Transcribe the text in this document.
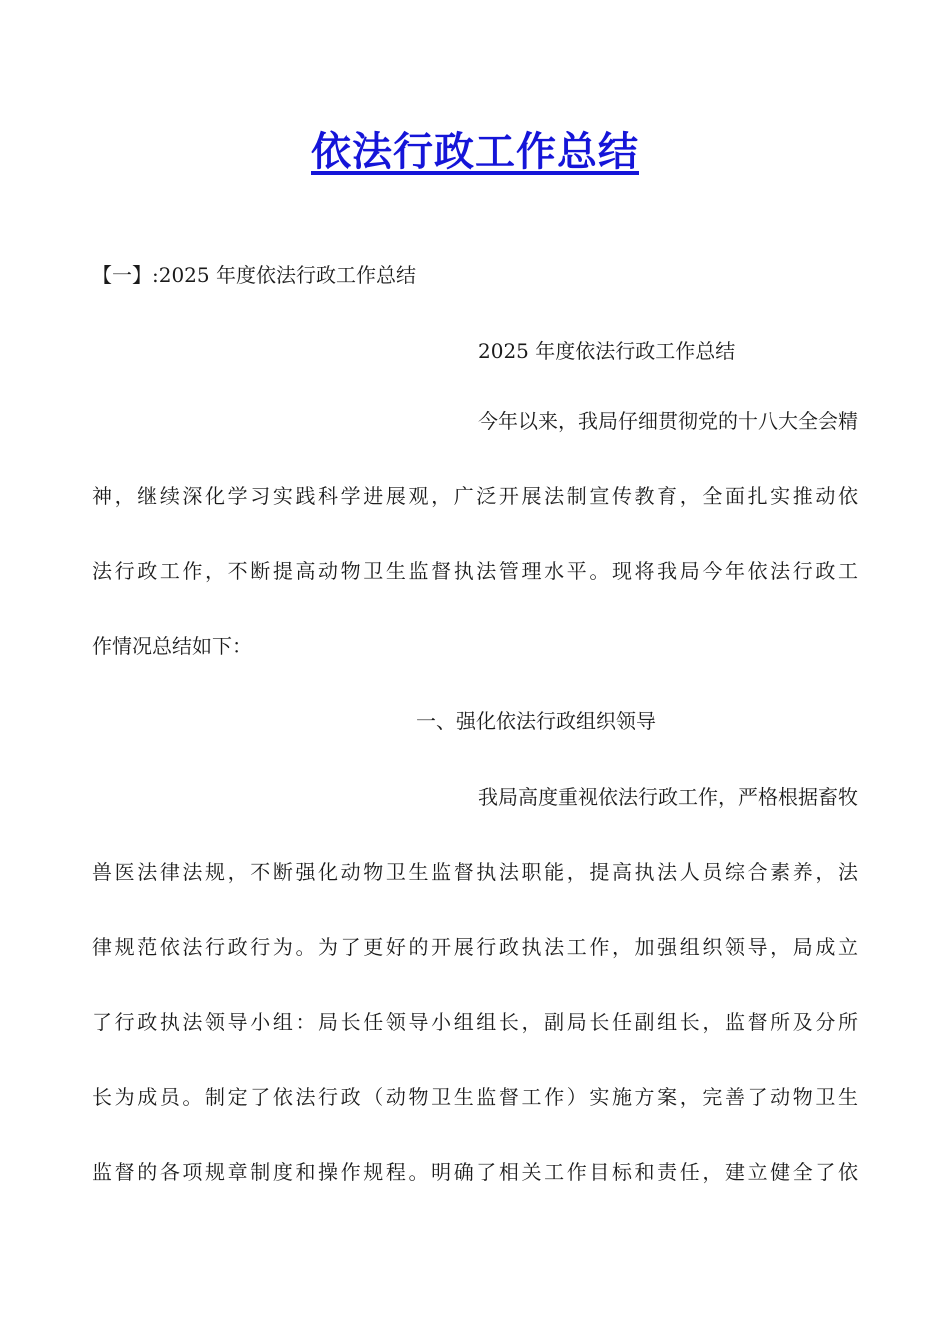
依法行政工作总结
【一】:2025 年度依法行政工作总结
2025 年度依法行政工作总结
今年以来，我局仔细贯彻党的十八大全会精
神，继续深化学习实践科学进展观，广泛开展法制宣传教育，全面扎实推动依
法行政工作，不断提高动物卫生监督执法管理水平。现将我局今年依法行政工
作情况总结如下：
一、强化依法行政组织领导
我局高度重视依法行政工作，严格根据畜牧
兽医法律法规，不断强化动物卫生监督执法职能，提高执法人员综合素养，法
律规范依法行政行为。为了更好的开展行政执法工作，加强组织领导，局成立
了行政执法领导小组：局长任领导小组组长，副局长任副组长，监督所及分所
长为成员。制定了依法行政（动物卫生监督工作）实施方案，完善了动物卫生
监督的各项规章制度和操作规程。明确了相关工作目标和责任，建立健全了依
